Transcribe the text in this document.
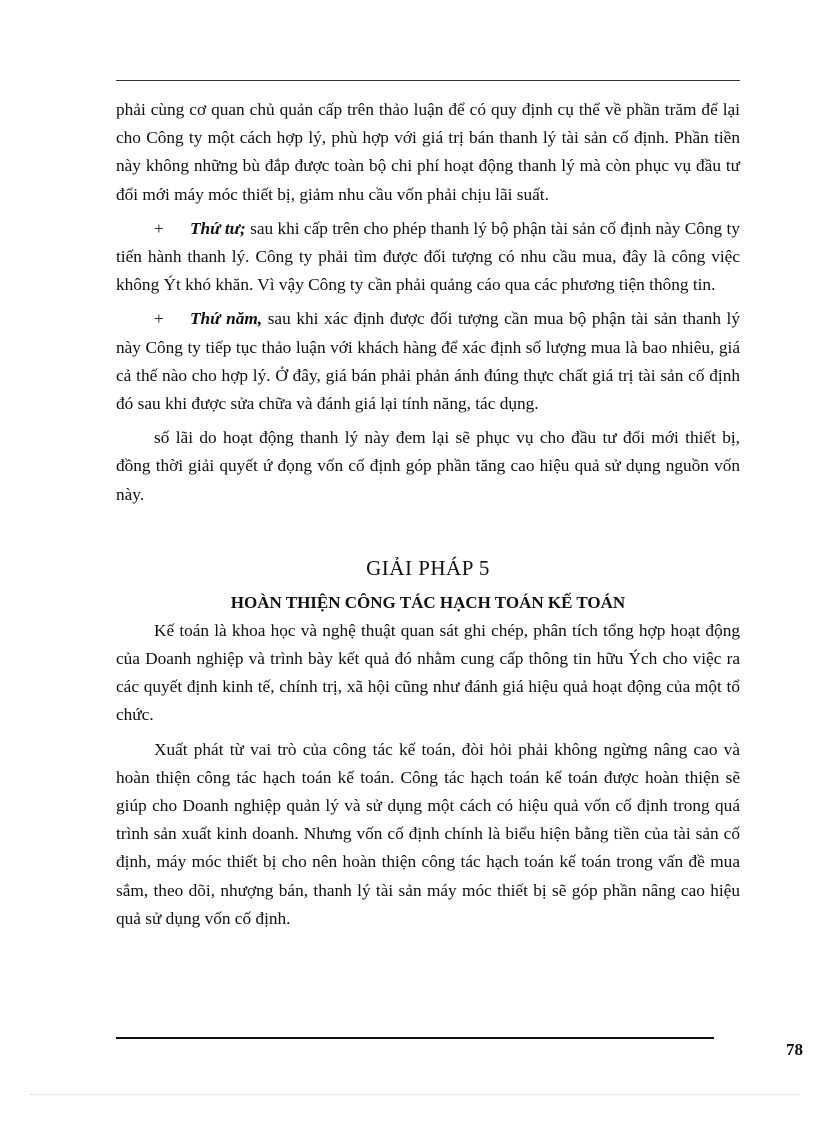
phải cùng cơ quan chủ quản cấp trên thảo luận để có quy định cụ thể về phần trăm để lại cho Công ty một cách hợp lý, phù hợp với giá trị bán thanh lý tài sản cố định. Phần tiền này không những bù đắp được toàn bộ chi phí hoạt động thanh lý mà còn phục vụ đầu tư đổi mới máy móc thiết bị, giảm nhu cầu vốn phải chịu lãi suất.

+ Thứ tư; sau khi cấp trên cho phép thanh lý bộ phận tài sản cố định này Công ty tiến hành thanh lý. Công ty phải tìm được đối tượng có nhu cầu mua, đây là công việc không Ýt khó khăn. Vì vậy Công ty cần phải quảng cáo qua các phương tiện thông tin.

+ Thứ năm, sau khi xác định được đối tượng cần mua bộ phận tài sản thanh lý này Công ty tiếp tục thảo luận với khách hàng để xác định số lượng mua là bao nhiêu, giá cả thế nào cho hợp lý. Ở đây, giá bán phải phản ánh đúng thực chất giá trị tài sản cố định đó sau khi được sửa chữa và đánh giá lại tính năng, tác dụng.

số lãi do hoạt động thanh lý này đem lại sẽ phục vụ cho đầu tư đổi mới thiết bị, đồng thời giải quyết ứ đọng vốn cố định góp phần tăng cao hiệu quả sử dụng nguồn vốn này.

GIẢI PHÁP 5
HOÀN THIỆN CÔNG TÁC HẠCH TOÁN KẾ TOÁN

Kế toán là khoa học và nghệ thuật quan sát ghi chép, phân tích tổng hợp hoạt động của Doanh nghiệp và trình bày kết quả đó nhằm cung cấp thông tin hữu Ých cho việc ra các quyết định kinh tế, chính trị, xã hội cũng như đánh giá hiệu quả hoạt động của một tổ chức.

Xuất phát từ vai trò của công tác kế toán, đòi hỏi phải không ngừng nâng cao và hoàn thiện công tác hạch toán kế toán. Công tác hạch toán kế toán được hoàn thiện sẽ giúp cho Doanh nghiệp quản lý và sử dụng một cách có hiệu quả vốn cố định trong quá trình sản xuất kinh doanh. Nhưng vốn cố định chính là biểu hiện bằng tiền của tài sản cố định, máy móc thiết bị cho nên hoàn thiện công tác hạch toán kế toán trong vấn đề mua sắm, theo dõi, nhượng bán, thanh lý tài sản máy móc thiết bị sẽ góp phần nâng cao hiệu quả sử dụng vốn cố định.

78
